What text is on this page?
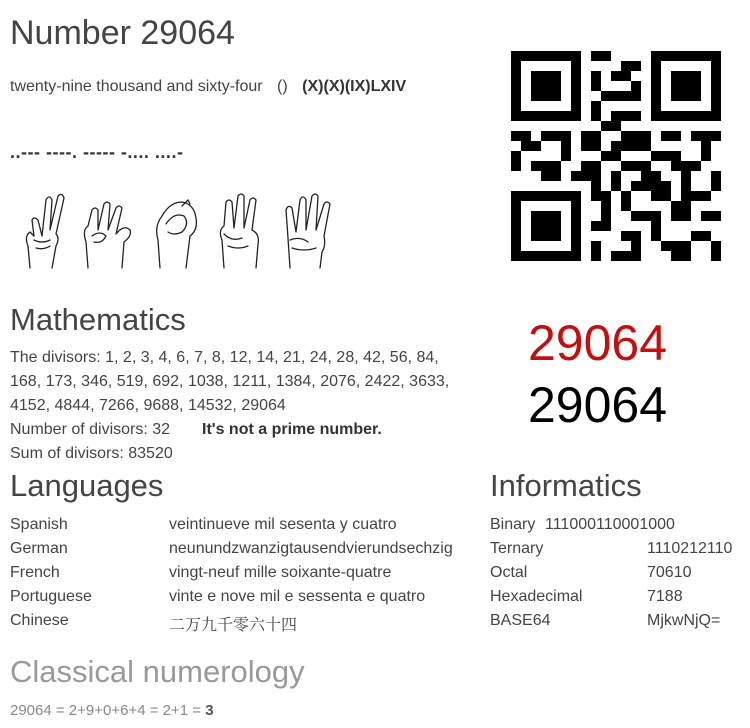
Number 29064
twenty-nine thousand and sixty-four () (X)(X)(IX)LXIV
..--- ----. ----- -.... ....-
Mathematics
The divisors: 1, 2, 3, 4, 6, 7, 8, 12, 14, 21, 24, 28, 42, 56, 84,
168, 173, 346, 519, 692, 1038, 1211, 1384, 2076, 2422, 3633,
4152, 4844, 7266, 9688, 14532, 29064
Number of divisors: 32 It's not a prime number.
Sum of divisors: 83520
29064
29064
Languages
Spanish	veintinueve mil sesenta y cuatro
German	neunundzwanzigtausendvierundsechzig
French	vingt-neuf mille soixante-quatre
Portuguese	vinte e nove mil e sessenta e quatro
Chinese	二万九千零六十四
Informatics
Binary 111000110001000
Ternary	1110212110
Octal	70610
Hexadecimal	7188
BASE64	MjkwNjQ=
Classical numerology
29064 = 2+9+0+6+4 = 2+1 = 3
